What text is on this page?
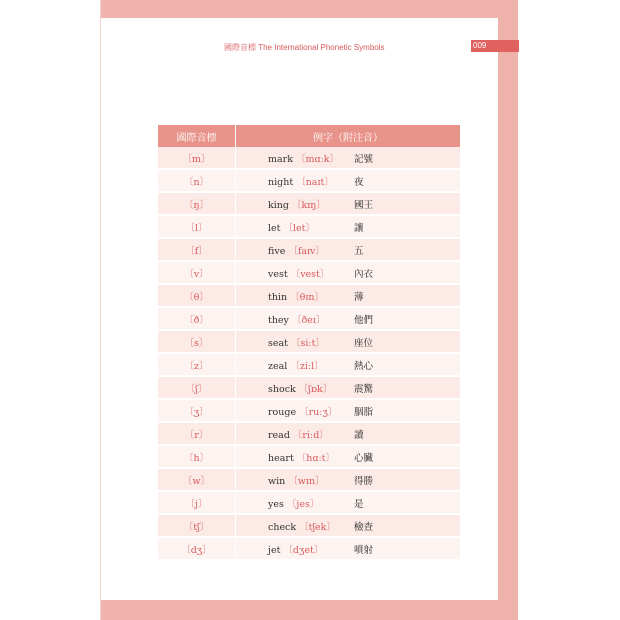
國際音標 The International Phonetic Symbols	009
國際音標	例字（附注音）
〔m〕	mark 〔mɑːk〕 記號

〔n〕	night 〔naɪt〕 夜

〔ŋ〕	king 〔kɪŋ〕 國王

〔l〕	let 〔let〕 讓

〔f〕	five 〔faɪv〕 五

〔v〕	vest 〔vest〕 內衣

〔θ〕	thin 〔θɪn〕 薄

〔ð〕	they 〔ðeɪ〕 他們

〔s〕	seat 〔siːt〕 座位

〔z〕	zeal 〔ziːl〕 熱心

〔ʃ〕	shock 〔ʃɒk〕 震驚

〔ʒ〕	rouge 〔ruːʒ〕 胭脂

〔r〕	read 〔riːd〕 讀

〔h〕	heart 〔hɑːt〕 心臟

〔w〕	win 〔wɪn〕 得勝

〔j〕	yes 〔jes〕 是

〔tʃ〕	check 〔tʃek〕 檢查

〔dʒ〕	jet 〔dʒet〕 噴射
